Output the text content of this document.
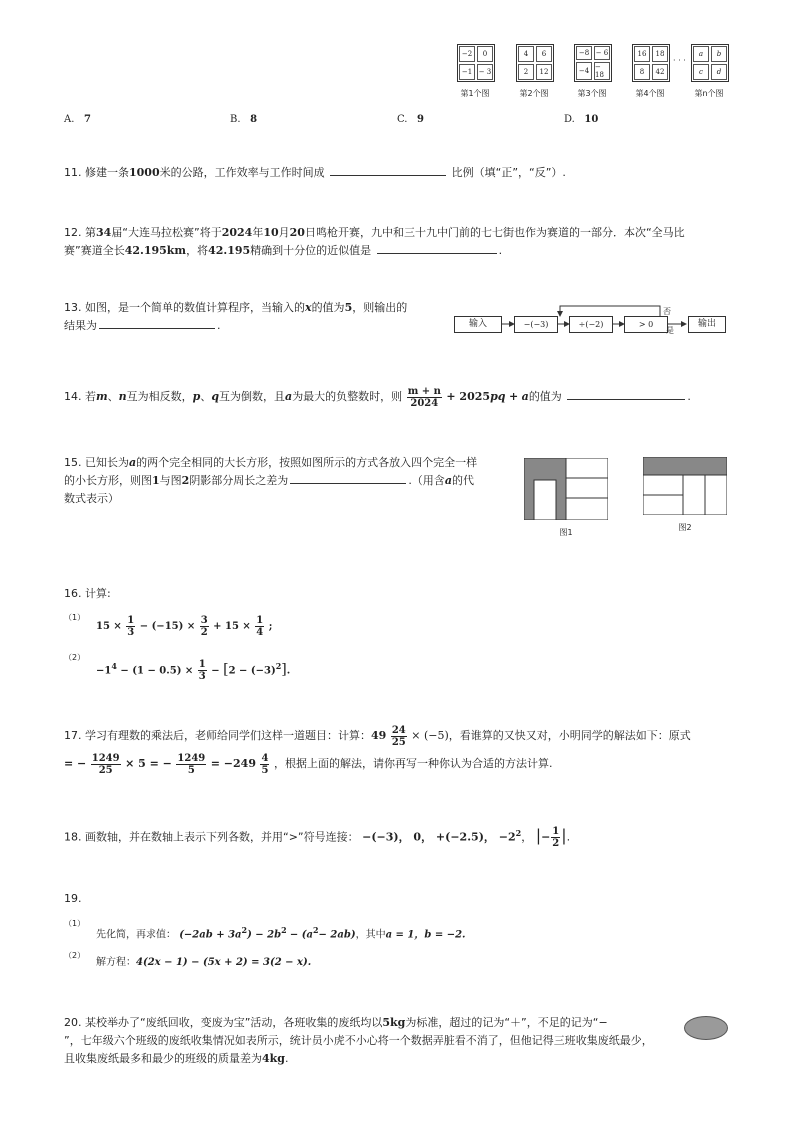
−2	0
−1 − 3
第1个图
4	6
2	12
第2个图
−8 − 6
−4 − 18
第3个图
16	18
8	42
第4个图
· · ·
a	b
c	d
第n个图
A. 7	B. 8	C. 9	D. 10
11. 修建一条1000米的公路，工作效率与工作时间成	比例（填“正”，“反”）.
12. 第34届“大连马拉松赛”将于2024年10月20日鸣枪开赛，九中和三十九中门前的七七街也作为赛道的一部分．本次“全马比
赛”赛道全长42.195km，将42.195精确到十分位的近似值是	.
13. 如图，是一个简单的数值计算程序，当输入的x的值为5，则输出的
结果为	.	输入	−(−3)	÷(−2)	> 0	输出
否
是
14. 若m、n互为相反数，p、q互为倒数，且a为最大的负整数时，则 $\frac{m + n}{2024} + 2025pq + a$的值为	.
15. 已知长为a的两个完全相同的大长方形，按照如图所示的方式各放入四个完全一样
的小长方形，则图1与图2阴影部分周长之差为	.（用含a的代
数式表示）
图1
图2
16. 计算:
（1）
$15 \times \frac{1}{3} - (-15) \times \frac{3}{2} + 15 \times \frac{1}{4}$ ;
（2）
$-1^4 - (1 - 0.5) \times \frac{1}{3} - [2 - (-3)^2]$.
17. 学习有理数的乘法后，老师给同学们这样一道题目：计算：$49 \frac{24}{25} \times (-5)$，看谁算的又快又对，小明同学的解法如下：原式
= − $\frac{1249}{25} \times 5$ = − $\frac{1249}{5} = -249 \frac{4}{5}$ ，根据上面的解法，请你再写一种你认为合适的方法计算.
18. 画数轴，并在数轴上表示下列各数，并用“>”符号连接： −(−3)， 0， +(−2.5)， $-2^2$， |− $\frac{1}{2}$ |.
19.
（1）
先化简，再求值： $(-2ab + 3a^2) - 2b^2 - (a^2- 2ab)$，其中a = 1，b = −2.
（2）
解方程：4(2x − 1) − (5x + 2) = 3(2 − x).
20. 某校举办了“废纸回收，变废为宝”活动，各班收集的废纸均以5kg为标准，超过的记为“＋”，不足的记为“−
”，七年级六个班级的废纸收集情况如表所示，统计员小虎不小心将一个数据弄脏看不消了，但他记得三班收集废纸最少，
且收集废纸最多和最少的班级的质量差为4kg.
